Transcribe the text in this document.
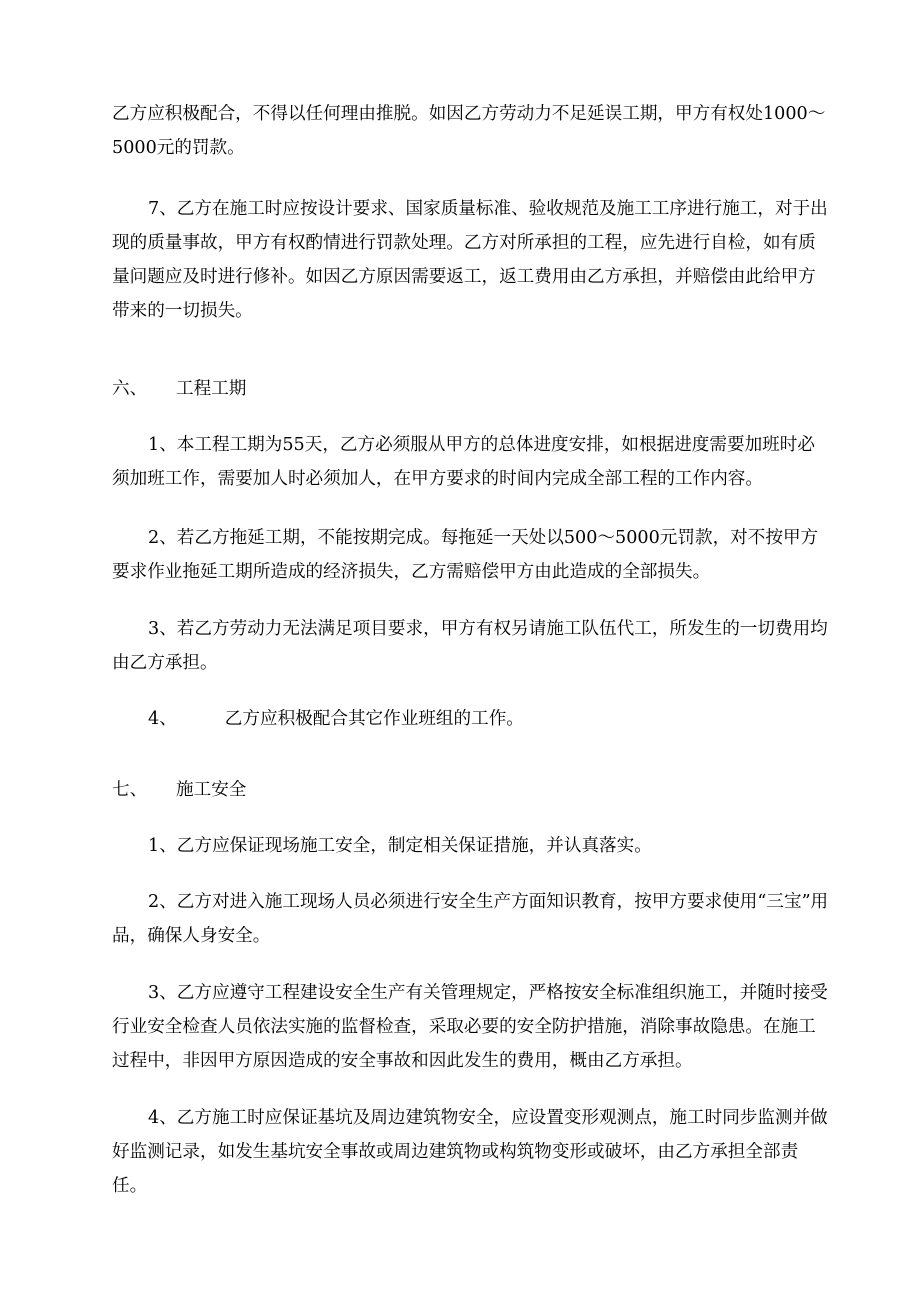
乙方应积极配合，不得以任何理由推脱。如因乙方劳动力不足延误工期，甲方有权处1000～5000元的罚款。

7、乙方在施工时应按设计要求、国家质量标准、验收规范及施工工序进行施工，对于出现的质量事故，甲方有权酌情进行罚款处理。乙方对所承担的工程，应先进行自检，如有质量问题应及时进行修补。如因乙方原因需要返工，返工费用由乙方承担，并赔偿由此给甲方带来的一切损失。

六、 工程工期

1、本工程工期为55天，乙方必须服从甲方的总体进度安排，如根据进度需要加班时必须加班工作，需要加人时必须加人，在甲方要求的时间内完成全部工程的工作内容。

2、若乙方拖延工期，不能按期完成。每拖延一天处以500～5000元罚款，对不按甲方要求作业拖延工期所造成的经济损失，乙方需赔偿甲方由此造成的全部损失。

3、若乙方劳动力无法满足项目要求，甲方有权另请施工队伍代工，所发生的一切费用均由乙方承担。

4、	乙方应积极配合其它作业班组的工作。

七、 施工安全

1、乙方应保证现场施工安全，制定相关保证措施，并认真落实。

2、乙方对进入施工现场人员必须进行安全生产方面知识教育，按甲方要求使用“三宝”用品，确保人身安全。

3、乙方应遵守工程建设安全生产有关管理规定，严格按安全标准组织施工，并随时接受行业安全检查人员依法实施的监督检查，采取必要的安全防护措施，消除事故隐患。在施工过程中，非因甲方原因造成的安全事故和因此发生的费用，概由乙方承担。

4、乙方施工时应保证基坑及周边建筑物安全，应设置变形观测点，施工时同步监测并做好监测记录，如发生基坑安全事故或周边建筑物或构筑物变形或破坏，由乙方承担全部责任。
